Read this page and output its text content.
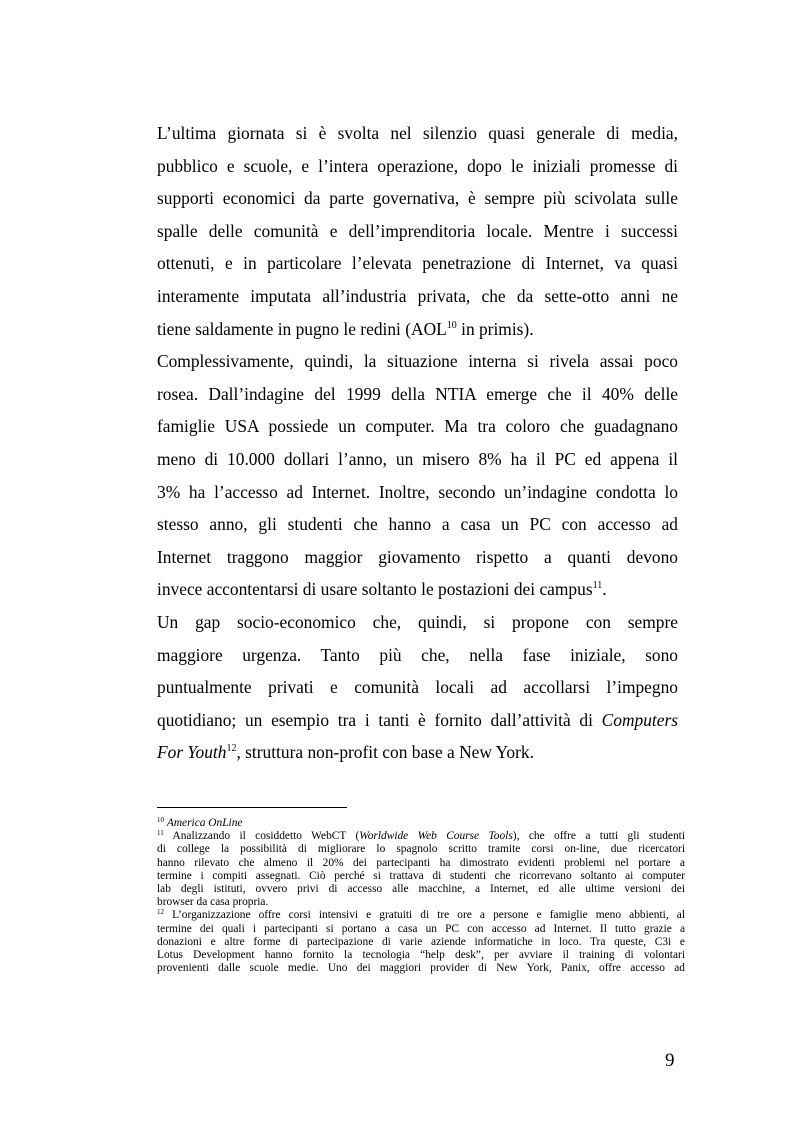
L’ultima giornata si è svolta nel silenzio quasi generale di media,
pubblico e scuole, e l’intera operazione, dopo le iniziali promesse di
supporti economici da parte governativa, è sempre più scivolata sulle
spalle delle comunità e dell’imprenditoria locale. Mentre i successi
ottenuti, e in particolare l’elevata penetrazione di Internet, va quasi
interamente imputata all’industria privata, che da sette-otto anni ne
tiene saldamente in pugno le redini (AOL$^{10}$ in primis).

Complessivamente, quindi, la situazione interna si rivela assai poco
rosea. Dall’indagine del 1999 della NTIA emerge che il 40% delle
famiglie USA possiede un computer. Ma tra coloro che guadagnano
meno di 10.000 dollari l’anno, un misero 8% ha il PC ed appena il
3% ha l’accesso ad Internet. Inoltre, secondo un’indagine condotta lo
stesso anno, gli studenti che hanno a casa un PC con accesso ad
Internet traggono maggior giovamento rispetto a quanti devono
invece accontentarsi di usare soltanto le postazioni dei campus$^{11}$.

Un gap socio-economico che, quindi, si propone con sempre
maggiore urgenza. Tanto più che, nella fase iniziale, sono
puntualmente privati e comunità locali ad accollarsi l’impegno
quotidiano; un esempio tra i tanti è fornito dall’attività di Computers
For Youth$^{12}$, struttura non-profit con base a New York.

$^{10}$ America OnLine

$^{11}$ Analizzando il cosiddetto WebCT (Worldwide Web Course Tools), che offre a tutti gli studenti
di college la possibilità di migliorare lo spagnolo scritto tramite corsi on-line, due ricercatori
hanno rilevato che almeno il 20% dei partecipanti ha dimostrato evidenti problemi nel portare a
termine i compiti assegnati. Ciò perché si trattava di studenti che ricorrevano soltanto ai computer
lab degli istituti, ovvero privi di accesso alle macchine, a Internet, ed alle ultime versioni dei
browser da casa propria.

$^{12}$ L’organizzazione offre corsi intensivi e gratuiti di tre ore a persone e famiglie meno abbienti, al
termine dei quali i partecipanti si portano a casa un PC con accesso ad Internet. Il tutto grazie a
donazioni e altre forme di partecipazione di varie aziende informatiche in loco. Tra queste, C3i e
Lotus Development hanno fornito la tecnologia “help desk”, per avviare il training di volontari
provenienti dalle scuole medie. Uno dei maggiori provider di New York, Panix, offre accesso ad

9
